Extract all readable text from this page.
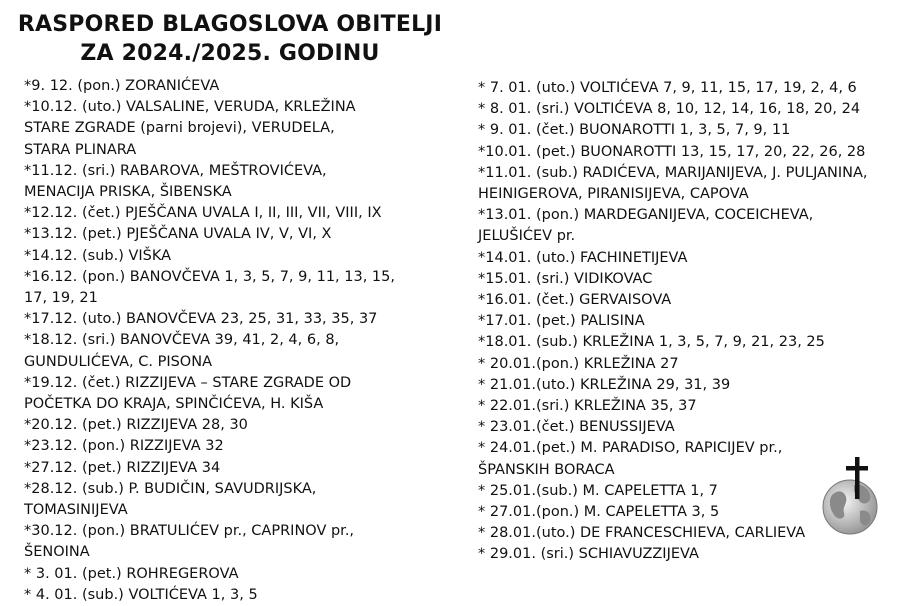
RASPORED BLAGOSLOVA OBITELJI
ZA 2024./2025. GODINU
*9. 12. (pon.) ZORANIĆEVA
*10.12. (uto.) VALSALINE, VERUDA, KRLEŽINA
STARE ZGRADE (parni brojevi), VERUDELA,
STARA PLINARA
*11.12. (sri.) RABAROVA, MEŠTROVIĆEVA,
MENACIJA PRISKA, ŠIBENSKA
*12.12. (čet.) PJEŠČANA UVALA I, II, III, VII, VIII, IX
*13.12. (pet.) PJEŠČANA UVALA IV, V, VI, X
*14.12. (sub.) VIŠKA
*16.12. (pon.) BANOVČEVA 1, 3, 5, 7, 9, 11, 13, 15,
17, 19, 21
*17.12. (uto.) BANOVČEVA 23, 25, 31, 33, 35, 37
*18.12. (sri.) BANOVČEVA 39, 41, 2, 4, 6, 8,
GUNDULIĆEVA, C. PISONA
*19.12. (čet.) RIZZIJEVA – STARE ZGRADE OD
POČETKA DO KRAJA, SPINČIĆEVA, H. KIŠA
*20.12. (pet.) RIZZIJEVA 28, 30
*23.12. (pon.) RIZZIJEVA 32
*27.12. (pet.) RIZZIJEVA 34
*28.12. (sub.) P. BUDIČIN, SAVUDRIJSKA,
TOMASINIJEVA
*30.12. (pon.) BRATULIĆEV pr., CAPRINOV pr.,
ŠENOINA
* 3. 01. (pet.) ROHREGEROVA
* 4. 01. (sub.) VOLTIĆEVA 1, 3, 5
* 7. 01. (uto.) VOLTIĆEVA 7, 9, 11, 15, 17, 19, 2, 4, 6
* 8. 01. (sri.) VOLTIĆEVA 8, 10, 12, 14, 16, 18, 20, 24
* 9. 01. (čet.) BUONAROTTI 1, 3, 5, 7, 9, 11
*10.01. (pet.) BUONAROTTI 13, 15, 17, 20, 22, 26, 28
*11.01. (sub.) RADIĆEVA, MARIJANIJEVA, J. PULJANINA,
HEINIGEROVA, PIRANISIJEVA, CAPOVA
*13.01. (pon.) MARDEGANIJEVA, COCEICHEVA,
JELUŠIĆEV pr.
*14.01. (uto.) FACHINETIJEVA
*15.01. (sri.) VIDIKOVAC
*16.01. (čet.) GERVAISOVA
*17.01. (pet.) PALISINA
*18.01. (sub.) KRLEŽINA 1, 3, 5, 7, 9, 21, 23, 25
* 20.01.(pon.) KRLEŽINA 27
* 21.01.(uto.) KRLEŽINA 29, 31, 39
* 22.01.(sri.) KRLEŽINA 35, 37
* 23.01.(čet.) BENUSSIJEVA
* 24.01.(pet.) M. PARADISO, RAPICIJEV pr.,
ŠPANSKIH BORACA
* 25.01.(sub.) M. CAPELETTA 1, 7
* 27.01.(pon.) M. CAPELETTA 3, 5
* 28.01.(uto.) DE FRANCESCHIEVA, CARLIEVA
* 29.01. (sri.) SCHIAVUZZIJEVA
